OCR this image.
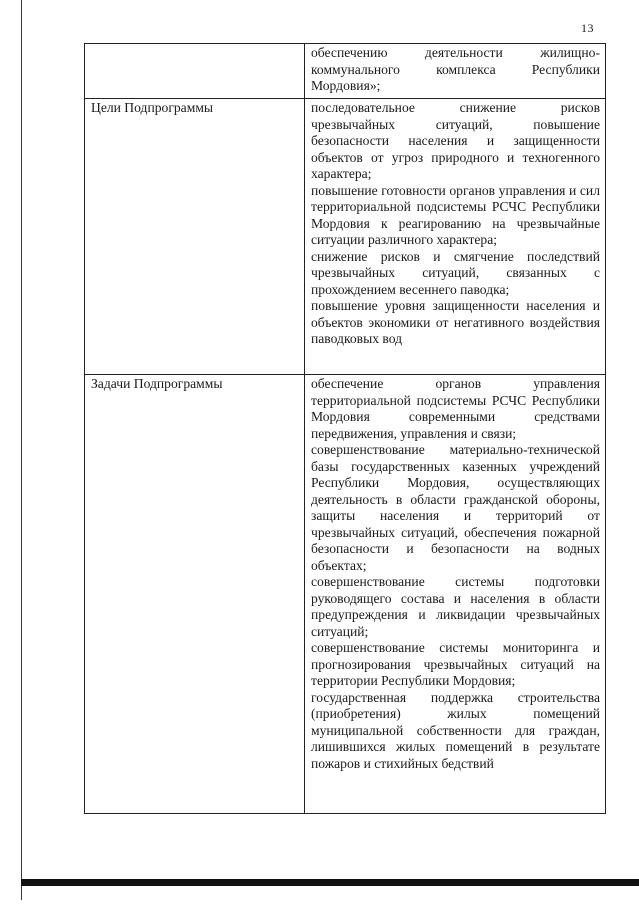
13

	обеспечению деятельности жилищно-коммунального комплекса Республики Мордовия»;

Цели Подпрограммы	последовательное снижение рисков чрезвычайных ситуаций, повышение безопасности населения и защищенности объектов от угроз природного и техногенного характера;
повышение готовности органов управления и сил территориальной подсистемы РСЧС Республики Мордовия к реагированию на чрезвычайные ситуации различного характера;
снижение рисков и смягчение последствий чрезвычайных ситуаций, связанных с прохождением весеннего паводка;
повышение уровня защищенности населения и объектов экономики от негативного воздействия паводковых вод

Задачи Подпрограммы	обеспечение органов управления территориальной подсистемы РСЧС Республики Мордовия современными средствами передвижения, управления и связи;
совершенствование материально-технической базы государственных казенных учреждений Республики Мордовия, осуществляющих деятельность в области гражданской обороны, защиты населения и территорий от чрезвычайных ситуаций, обеспечения пожарной безопасности и безопасности на водных объектах;
совершенствование системы подготовки руководящего состава и населения в области предупреждения и ликвидации чрезвычайных ситуаций;
совершенствование системы мониторинга и прогнозирования чрезвычайных ситуаций на территории Республики Мордовия;
государственная поддержка строительства (приобретения) жилых помещений муниципальной собственности для граждан, лишившихся жилых помещений в результате пожаров и стихийных бедствий
